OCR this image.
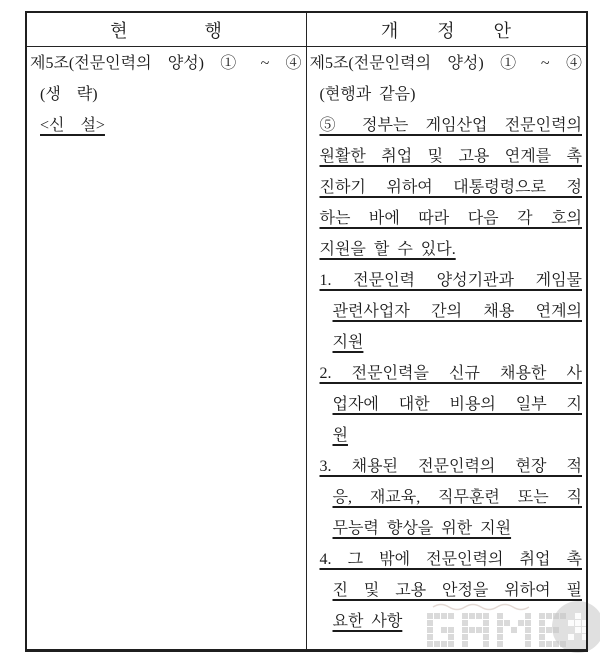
현　　　　행	개　　정　　안
제5조(전문인력의 양성) ① ~ ④
(생　략)
<신　설>
제5조(전문인력의 양성) ① ~ ④
(현행과 같음)
⑤ 정부는 게임산업 전문인력의
원활한 취업 및 고용 연계를 촉
진하기 위하여 대통령령으로 정
하는 바에 따라 다음 각 호의
지원을 할 수 있다.
1. 전문인력 양성기관과 게임물
관련사업자 간의 채용 연계의
지원
2. 전문인력을 신규 채용한 사
업자에 대한 비용의 일부 지
원
3. 채용된 전문인력의 현장 적
응, 재교육, 직무훈련 또는 직
무능력 향상을 위한 지원
4. 그 밖에 전문인력의 취업 촉
진 및 고용 안정을 위하여 필
요한 사항
